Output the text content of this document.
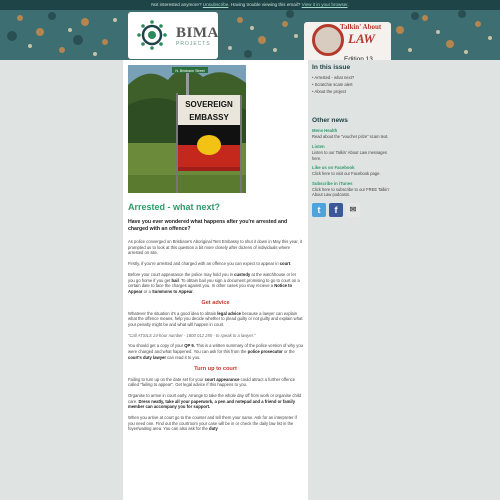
Not interested anymore? Unsubscribe. Having trouble viewing this email? View it in your browser.
BIMA
PROJECTS
Talkin' About
LAW
Edition 13
N. Brisbane Street
SOVEREIGN
EMBASSY
Arrested - what next?
Have you ever wondered what happens after you're arrested and charged with an offence?

As police converged on Brisbane's Aboriginal Tent Embassy to shut it down in May this year, it prompted us to look at this question a bit more closely after dozens of individuals where arrested on site.

Firstly, if you're arrested and charged with an offence you can expect to appear in court.

Before your court appearance the police may hold you in custody at the watchhouse or let you go home if you get bail. To obtain bail you sign a document promising to go to court on a certain date to face the charges against you. In other cases you may recieve a Notice to Appear or a Summons to Appear.

Get advice

Whatever the situation it's a good idea to obtain legal advice because a lawyer can explain what the offence means, help you decide whether to plead guilty or not guilty and explain what your penalty might be and what will happen in court.

"Call ATSILS 24-hour number - 1800 012 255 - to speak to a lawyer."

You should get a copy of your QP 9. This is a written summary of the police version of why you were charged and what happened. You can ask for this from the police prosecutor or the court's duty lawyer can read it to you.

Turn up to court

Failing to turn up on the date set for your court appearance could attract a further offence called "failing to appear". Get legal advice if this happens to you.

Organise to arrive in court early. Arrange to take the whole day off from work or organise child care. Dress neatly, take all your paperwork, a pen and notepad and a friend or family member can accompany you for support.

When you arrive at court go to the counter and tell them your name. Ask for an interpreter if you need one. Find out the courtroom your case will be in or check the daily law list in the foyer/waiting area. You can also ask for the duty

In this issue
• Arrested - what next?
• Scratchie scam alert
• About the project
Other news
Mens Health
Read about the "voucher prize" scam text.
Listen
Listen to our Talkin' About Law messages here.
Like us on Facebook
Click here to visit our Facebook page.
Subscribe in iTunes
Click here to subscribe to our FREE Talkin' About Law podcasts.
t	f	✉
